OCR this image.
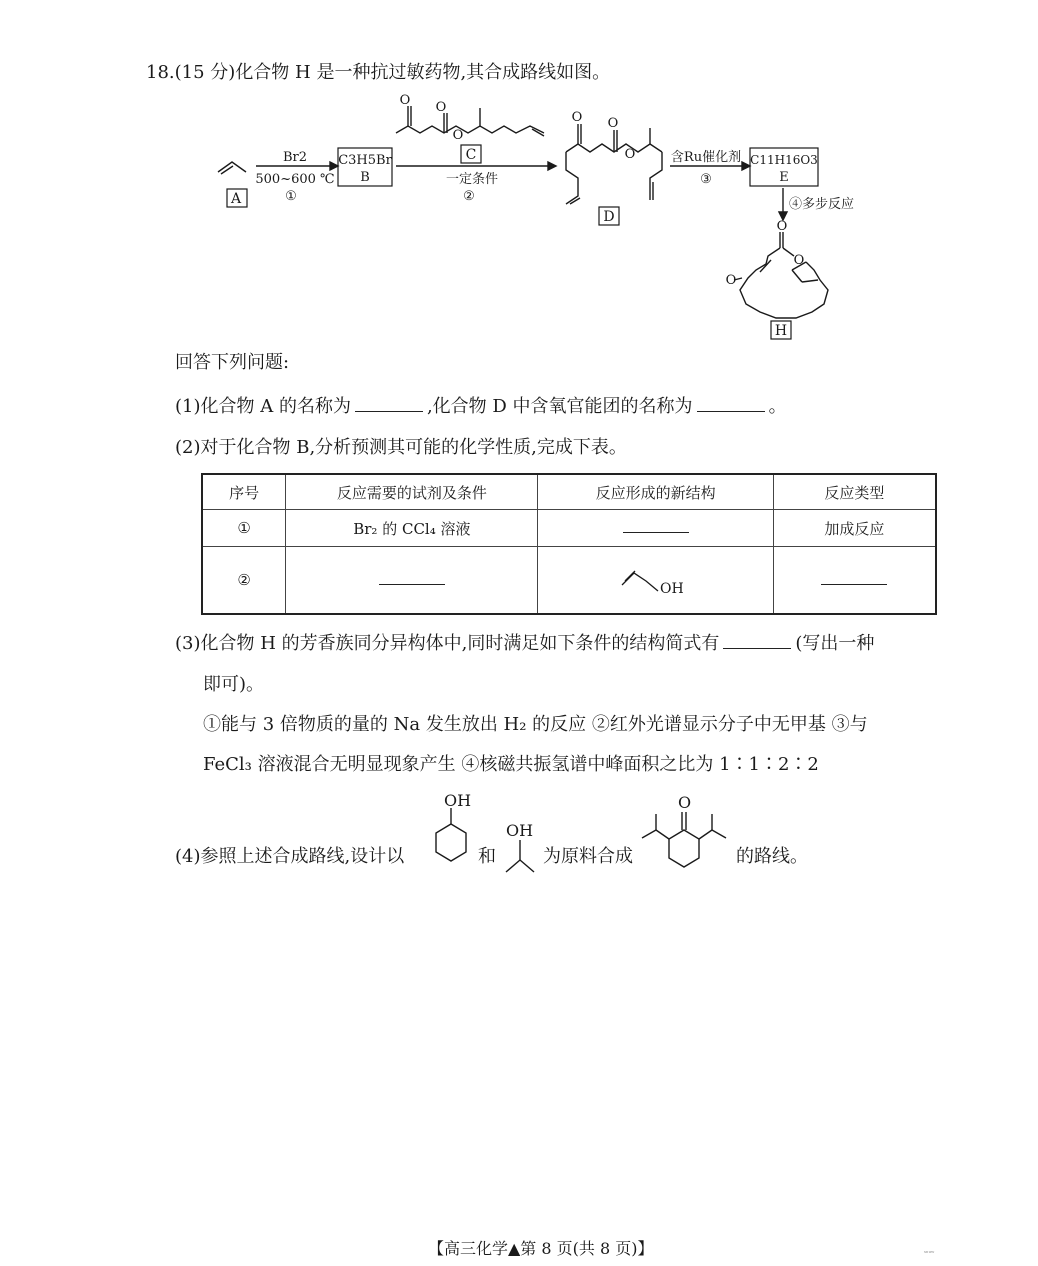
18.(15 分)化合物 H 是一种抗过敏药物,其合成路线如图。
A
Br2
500~600 ℃
①
C3H5Br
B
C
O O
O
一定条件
②
O O
O
D
含Ru催化剂
③
C11H16O3
E
④多步反应
O
O
O
H
回答下列问题:
(1)化合物 A 的名称为	,化合物 D 中含氧官能团的名称为	。
(2)对于化合物 B,分析预测其可能的化学性质,完成下表。
序号	反应需要的试剂及条件	反应形成的新结构	反应类型
①	Br₂ 的 CCl₄ 溶液		加成反应
②		OH	

(3)化合物 H 的芳香族同分异构体中,同时满足如下条件的结构简式有	(写出一种
即可)。
①能与 3 倍物质的量的 Na 发生放出 H₂ 的反应 ②红外光谱显示分子中无甲基 ③与
FeCl₃ 溶液混合无明显现象产生 ④核磁共振氢谱中峰面积之比为 1∶1∶2∶2
(4)参照上述合成路线,设计以
OH
和
OH
为原料合成
O
的路线。
【高三化学▲第 8 页(共 8 页)】	ˢⁿᵘʷ
